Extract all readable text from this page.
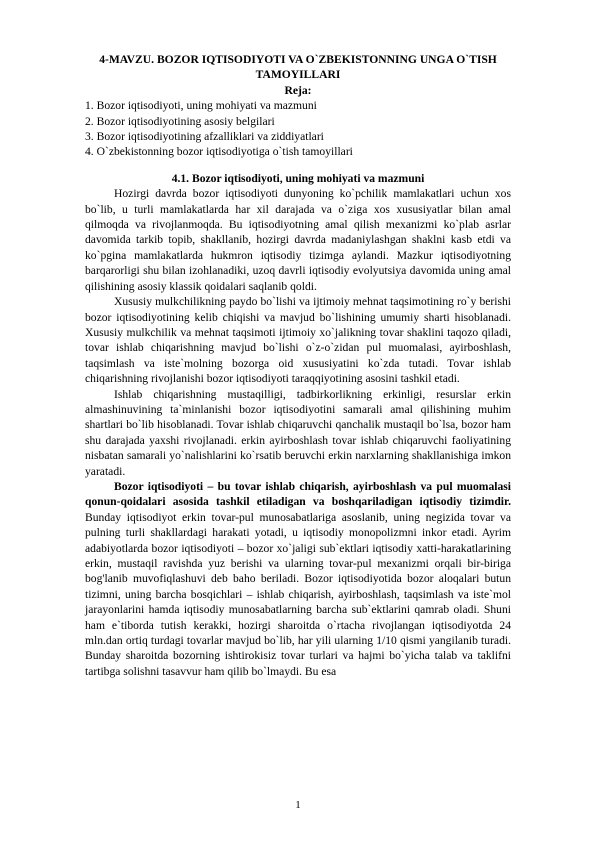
4-MAVZU. BOZOR IQTISODIYOTI VA O`ZBEKISTONNING UNGA O`TISH TAMOYILLARI
Reja:
1. Bozor iqtisodiyoti, uning mohiyati va mazmuni
2. Bozor iqtisodiyotining asosiy belgilari
3. Bozor iqtisodiyotining afzalliklari va ziddiyatlari
4. O`zbekistonning bozor iqtisodiyotiga o`tish tamoyillari
4.1. Bozor iqtisodiyoti, uning mohiyati va mazmuni

Hozirgi davrda bozor iqtisodiyoti dunyoning ko`pchilik mamlakatlari uchun xos bo`lib, u turli mamlakatlarda har xil darajada va o`ziga xos xususiyatlar bilan amal qilmoqda va rivojlanmoqda. Bu iqtisodiyotning amal qilish mexanizmi ko`plab asrlar davomida tarkib topib, shakllanib, hozirgi davrda madaniylashgan shaklni kasb etdi va ko`pgina mamlakatlarda hukmron iqtisodiy tizimga aylandi. Mazkur iqtisodiyotning barqarorligi shu bilan izohlanadiki, uzoq davrli iqtisodiy evolyutsiya davomida uning amal qilishining asosiy klassik qoidalari saqlanib qoldi.

Xususiy mulkchilikning paydo bo`lishi va ijtimoiy mehnat taqsimotining ro`y berishi bozor iqtisodiyotining kelib chiqishi va mavjud bo`lishining umumiy sharti hisoblanadi. Xususiy mulkchilik va mehnat taqsimoti ijtimoiy xo`jalikning tovar shaklini taqozo qiladi, tovar ishlab chiqarishning mavjud bo`lishi o`z-o`zidan pul muomalasi, ayirboshlash, taqsimlash va iste`molning bozorga oid xususiyatini ko`zda tutadi. Tovar ishlab chiqarishning rivojlanishi bozor iqtisodiyoti taraqqiyotining asosini tashkil etadi.

Ishlab chiqarishning mustaqilligi, tadbirkorlikning erkinligi, resurslar erkin almashinuvining ta`minlanishi bozor iqtisodiyotini samarali amal qilishining muhim shartlari bo`lib hisoblanadi. Tovar ishlab chiqaruvchi qanchalik mustaqil bo`lsa, bozor ham shu darajada yaxshi rivojlanadi. erkin ayirboshlash tovar ishlab chiqaruvchi faoliyatining nisbatan samarali yo`nalishlarini ko`rsatib beruvchi erkin narxlarning shakllanishiga imkon yaratadi.

Bozor iqtisodiyoti – bu tovar ishlab chiqarish, ayirboshlash va pul muomalasi qonun-qoidalari asosida tashkil etiladigan va boshqariladigan iqtisodiy tizimdir. Bunday iqtisodiyot erkin tovar-pul munosabatlariga asoslanib, uning negizida tovar va pulning turli shakllardagi harakati yotadi, u iqtisodiy monopolizmni inkor etadi. Ayrim adabiyotlarda bozor iqtisodiyoti – bozor xo`jaligi sub`ektlari iqtisodiy xatti-harakatlarining erkin, mustaqil ravishda yuz berishi va ularning tovar-pul mexanizmi orqali bir-biriga bog'lanib muvofiqlashuvi deb baho beriladi. Bozor iqtisodiyotida bozor aloqalari butun tizimni, uning barcha bosqichlari – ishlab chiqarish, ayirboshlash, taqsimlash va iste`mol jarayonlarini hamda iqtisodiy munosabatlarning barcha sub`ektlarini qamrab oladi. Shuni ham e`tiborda tutish kerakki, hozirgi sharoitda o`rtacha rivojlangan iqtisodiyotda 24 mln.dan ortiq turdagi tovarlar mavjud bo`lib, har yili ularning 1/10 qismi yangilanib turadi. Bunday sharoitda bozorning ishtirokisiz tovar turlari va hajmi bo`yicha talab va taklifni tartibga solishni tasavvur ham qilib bo`lmaydi. Bu esa

1
